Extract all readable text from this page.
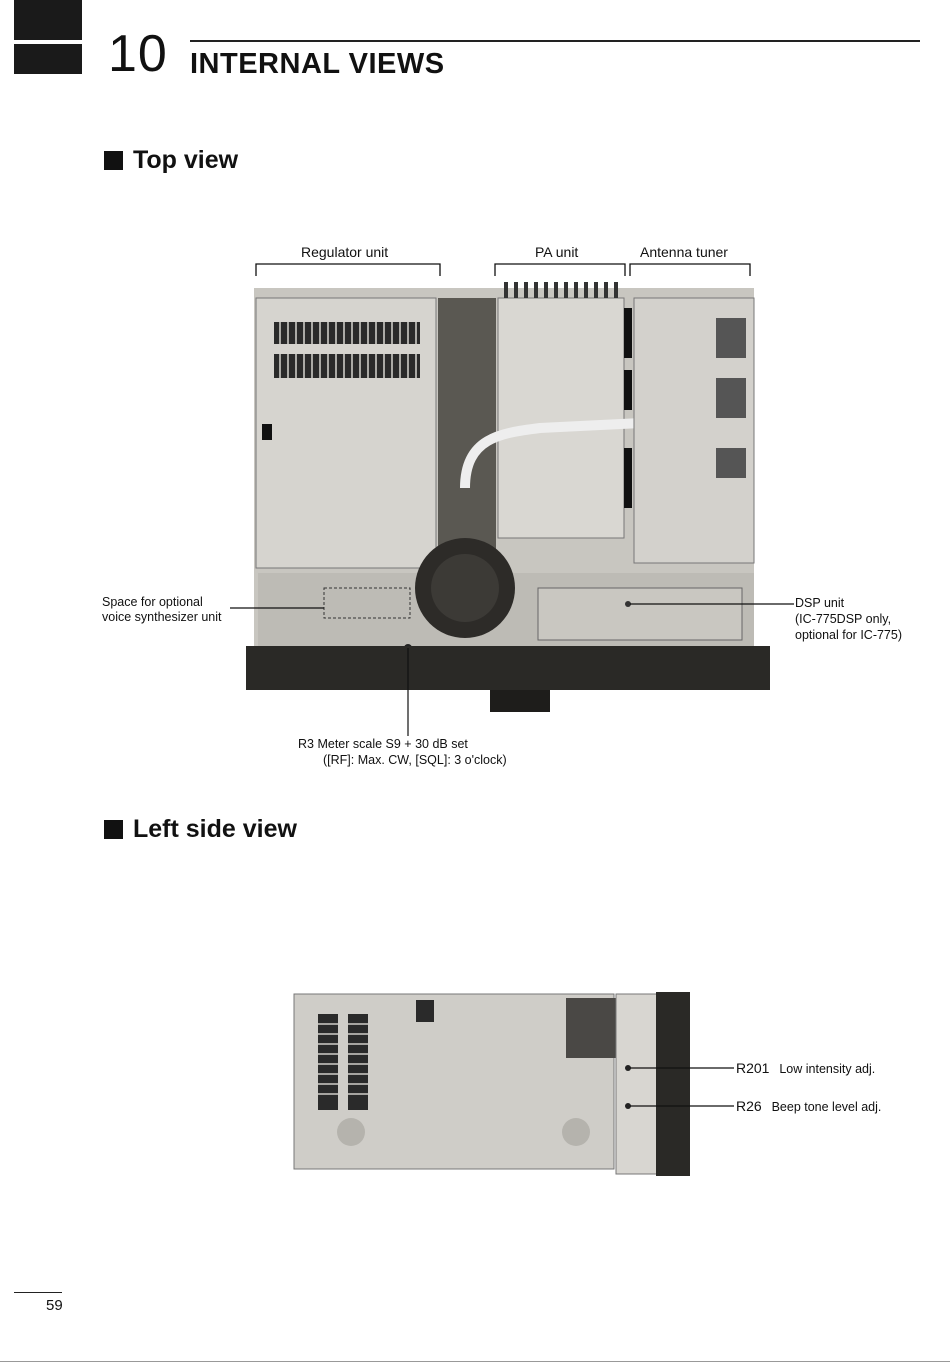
10 INTERNAL VIEWS
Top view
Regulator unit	PA unit	Antenna tuner
Space for optional
voice synthesizer unit
DSP unit
(IC-775DSP only,
optional for IC-775)
R3 Meter scale S9 + 30 dB set
([RF]: Max. CW, [SQL]: 3 o'clock)
Left side view
R201 Low intensity adj.
R26 Beep tone level adj.
59
